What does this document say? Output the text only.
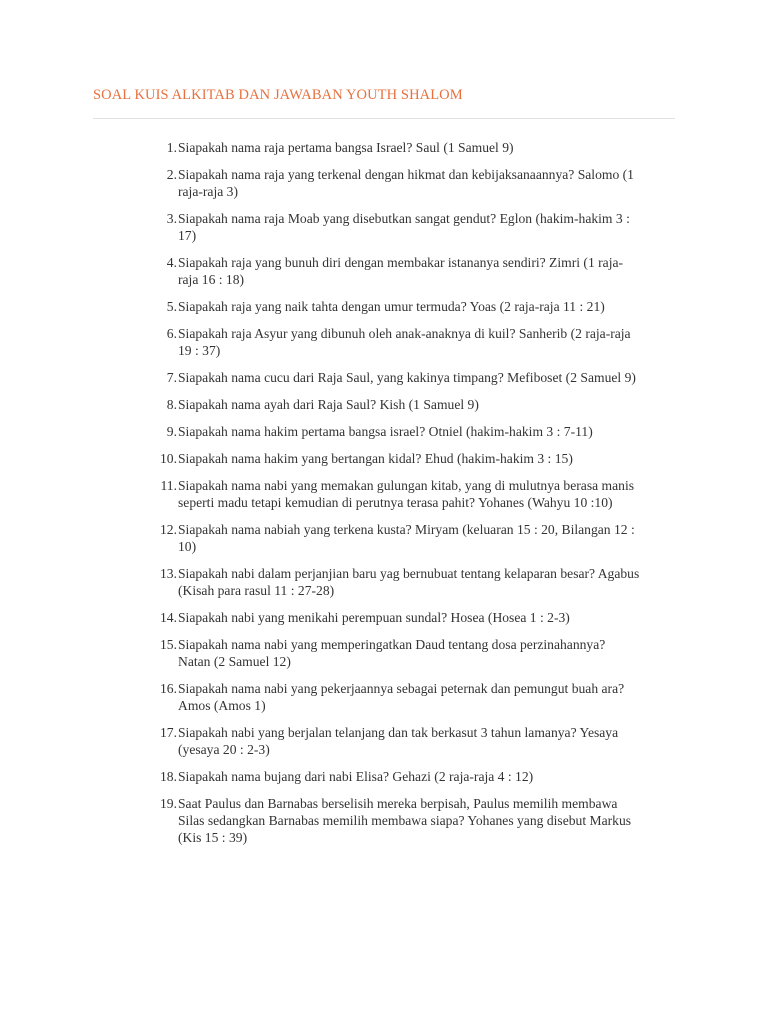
SOAL KUIS ALKITAB DAN JAWABAN YOUTH SHALOM
1. Siapakah nama raja pertama bangsa Israel? Saul (1 Samuel 9)
2. Siapakah nama raja yang terkenal dengan hikmat dan kebijaksanaannya? Salomo (1 raja-raja 3)
3. Siapakah nama raja Moab yang disebutkan sangat gendut? Eglon (hakim-hakim 3 : 17)
4. Siapakah raja yang bunuh diri dengan membakar istananya sendiri? Zimri (1 raja-raja 16 : 18)
5. Siapakah raja yang naik tahta dengan umur termuda? Yoas (2 raja-raja 11 : 21)
6. Siapakah raja Asyur yang dibunuh oleh anak-anaknya di kuil? Sanherib (2 raja-raja 19 : 37)
7. Siapakah nama cucu dari Raja Saul, yang kakinya timpang? Mefiboset (2 Samuel 9)
8. Siapakah nama ayah dari Raja Saul? Kish (1 Samuel 9)
9. Siapakah nama hakim pertama bangsa israel? Otniel (hakim-hakim 3 : 7-11)
10. Siapakah nama hakim yang bertangan kidal? Ehud (hakim-hakim 3 : 15)
11. Siapakah nama nabi yang memakan gulungan kitab, yang di mulutnya berasa manis seperti madu tetapi kemudian di perutnya terasa pahit? Yohanes (Wahyu 10 :10)
12. Siapakah nama nabiah yang terkena kusta? Miryam (keluaran 15 : 20, Bilangan 12 : 10)
13. Siapakah nabi dalam perjanjian baru yag bernubuat tentang kelaparan besar? Agabus (Kisah para rasul 11 : 27-28)
14. Siapakah nabi yang menikahi perempuan sundal? Hosea (Hosea 1 : 2-3)
15. Siapakah nama nabi yang memperingatkan Daud tentang dosa perzinahannya? Natan (2 Samuel 12)
16. Siapakah nama nabi yang pekerjaannya sebagai peternak dan pemungut buah ara? Amos (Amos 1)
17. Siapakah nabi yang berjalan telanjang dan tak berkasut 3 tahun lamanya? Yesaya (yesaya 20 : 2-3)
18. Siapakah nama bujang dari nabi Elisa? Gehazi (2 raja-raja 4 : 12)
19. Saat Paulus dan Barnabas berselisih mereka berpisah, Paulus memilih membawa Silas sedangkan Barnabas memilih membawa siapa? Yohanes yang disebut Markus (Kis 15 : 39)
